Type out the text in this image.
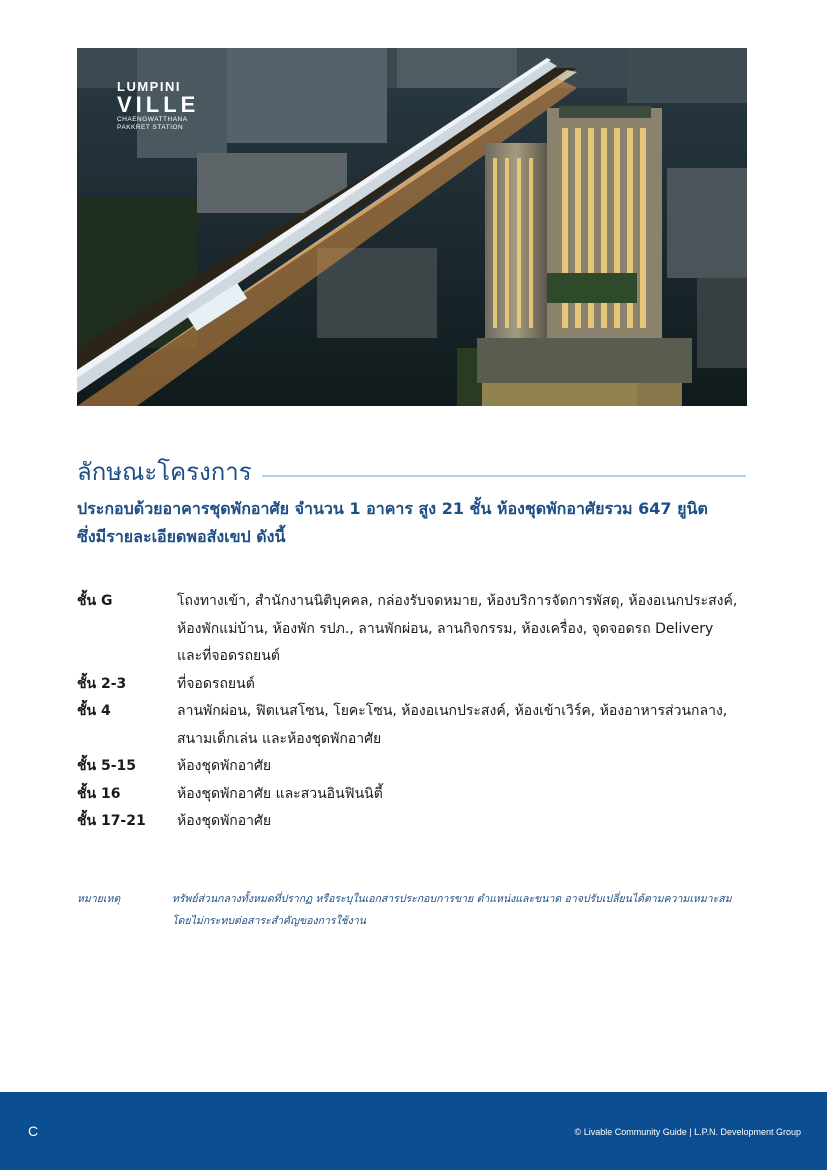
LUMPINI
VILLE
CHAENGWATTHANA
PAKKRET STATION
ลักษณะโครงการ
ประกอบด้วยอาคารชุดพักอาศัย จำนวน 1 อาคาร สูง 21 ชั้น ห้องชุดพักอาศัยรวม 647 ยูนิต
ซึ่งมีรายละเอียดพอสังเขป ดังนี้
ชั้น G	โถงทางเข้า, สำนักงานนิติบุคคล, กล่องรับจดหมาย, ห้องบริการจัดการพัสดุ, ห้องอเนกประสงค์,
ห้องพักแม่บ้าน, ห้องพัก รปภ., ลานพักผ่อน, ลานกิจกรรม, ห้องเครื่อง, จุดจอดรถ Delivery
และที่จอดรถยนต์
ชั้น 2-3	ที่จอดรถยนต์
ชั้น 4	ลานพักผ่อน, ฟิตเนสโซน, โยคะโซน, ห้องอเนกประสงค์, ห้องเข้าเวิร์ค, ห้องอาหารส่วนกลาง,
สนามเด็กเล่น และห้องชุดพักอาศัย
ชั้น 5-15	ห้องชุดพักอาศัย
ชั้น 16	ห้องชุดพักอาศัย และสวนอินฟินนิตี้
ชั้น 17-21	ห้องชุดพักอาศัย
หมายเหตุ	ทรัพย์ส่วนกลางทั้งหมดที่ปรากฏ หรือระบุในเอกสารประกอบการขาย ตำแหน่งและขนาด อาจปรับเปลี่ยนได้ตามความเหมาะสม
โดยไม่กระทบต่อสาระสำคัญของการใช้งาน
C	© Livable Community Guide | L.P.N. Development Group
